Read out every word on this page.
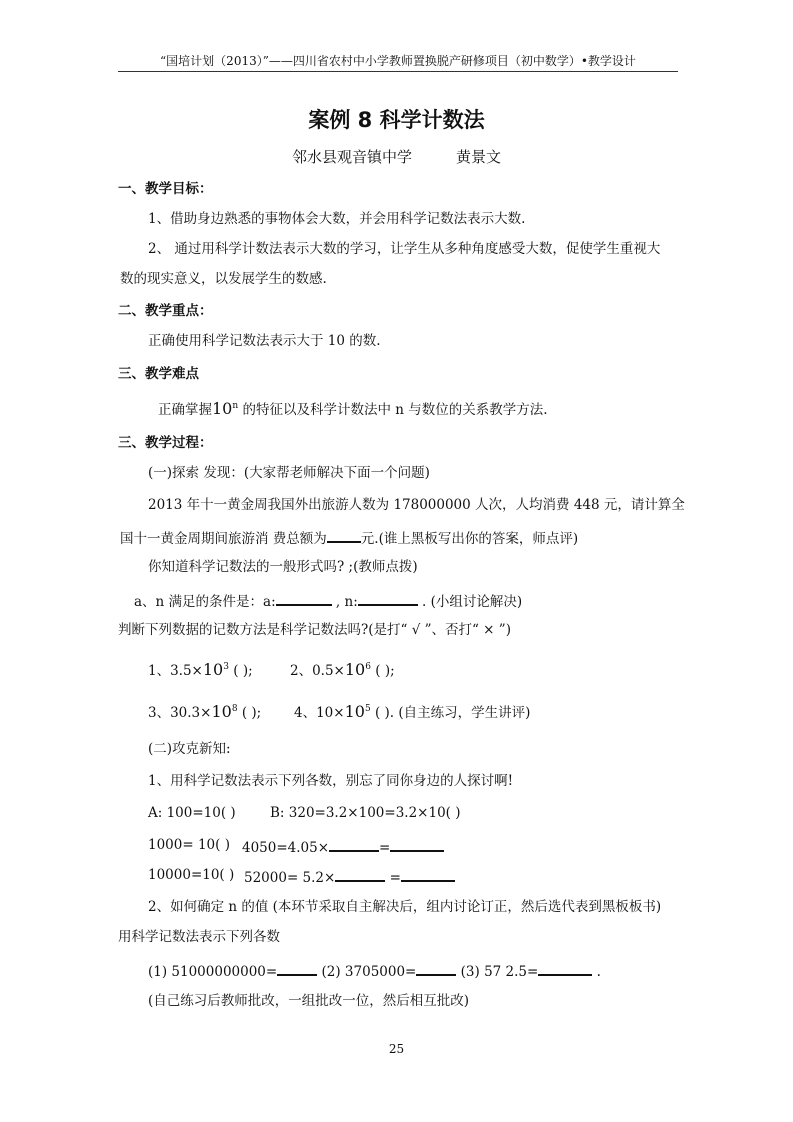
“国培计划（2013）”——四川省农村中小学教师置换脱产研修项目（初中数学）•教学设计
案例 8 科学计数法
邻水县观音镇中学	黄景文
一、教学目标：
1、借助身边熟悉的事物体会大数，并会用科学记数法表示大数.
2、 通过用科学计数法表示大数的学习，让学生从多种角度感受大数，促使学生重视大
数的现实意义，以发展学生的数感.
二、教学重点：
正确使用科学记数法表示大于 10 的数.
三、教学难点
正确掌握10$^n$ 的特征以及科学计数法中 n 与数位的关系教学方法.
三、教学过程：
(一)探索 发现：(大家帮老师解决下面一个问题)
2013 年十一黄金周我国外出旅游人数为 178000000 人次，人均消费 448 元，请计算全
国十一黄金周期间旅游消 费总额为	元.(谁上黑板写出你的答案，师点评)
你知道科学记数法的一般形式吗? ;(教师点拨)
a、n 满足的条件是：a:	, n:	. (小组讨论解决)
判断下列数据的记数方法是科学记数法吗?(是打“ √ ”、否打“ × ”)
1、$3.5\times 10^3$ ( );	2、$0.5\times 10^6$ ( );
3、$30.3\times 10^8$ ( ); 4、$10\times 10^5$ ( ). (自主练习，学生讲评)
(二)攻克新知:
1、用科学记数法表示下列各数，别忘了同你身边的人探讨啊!
A: 100=10( )	B: 320=3.2×100=3.2×10( )
1000= 10( ) 4050=4.05×	=
10000=10( ) 52000= 5.2×	=
2、如何确定 n 的值 (本环节采取自主解决后，组内讨论订正，然后选代表到黑板板书)
用科学记数法表示下列各数
(1) 51000000000=	(2) 3705000=	(3) 57 2.5=	.
(自己练习后教师批改，一组批改一位，然后相互批改)
25
